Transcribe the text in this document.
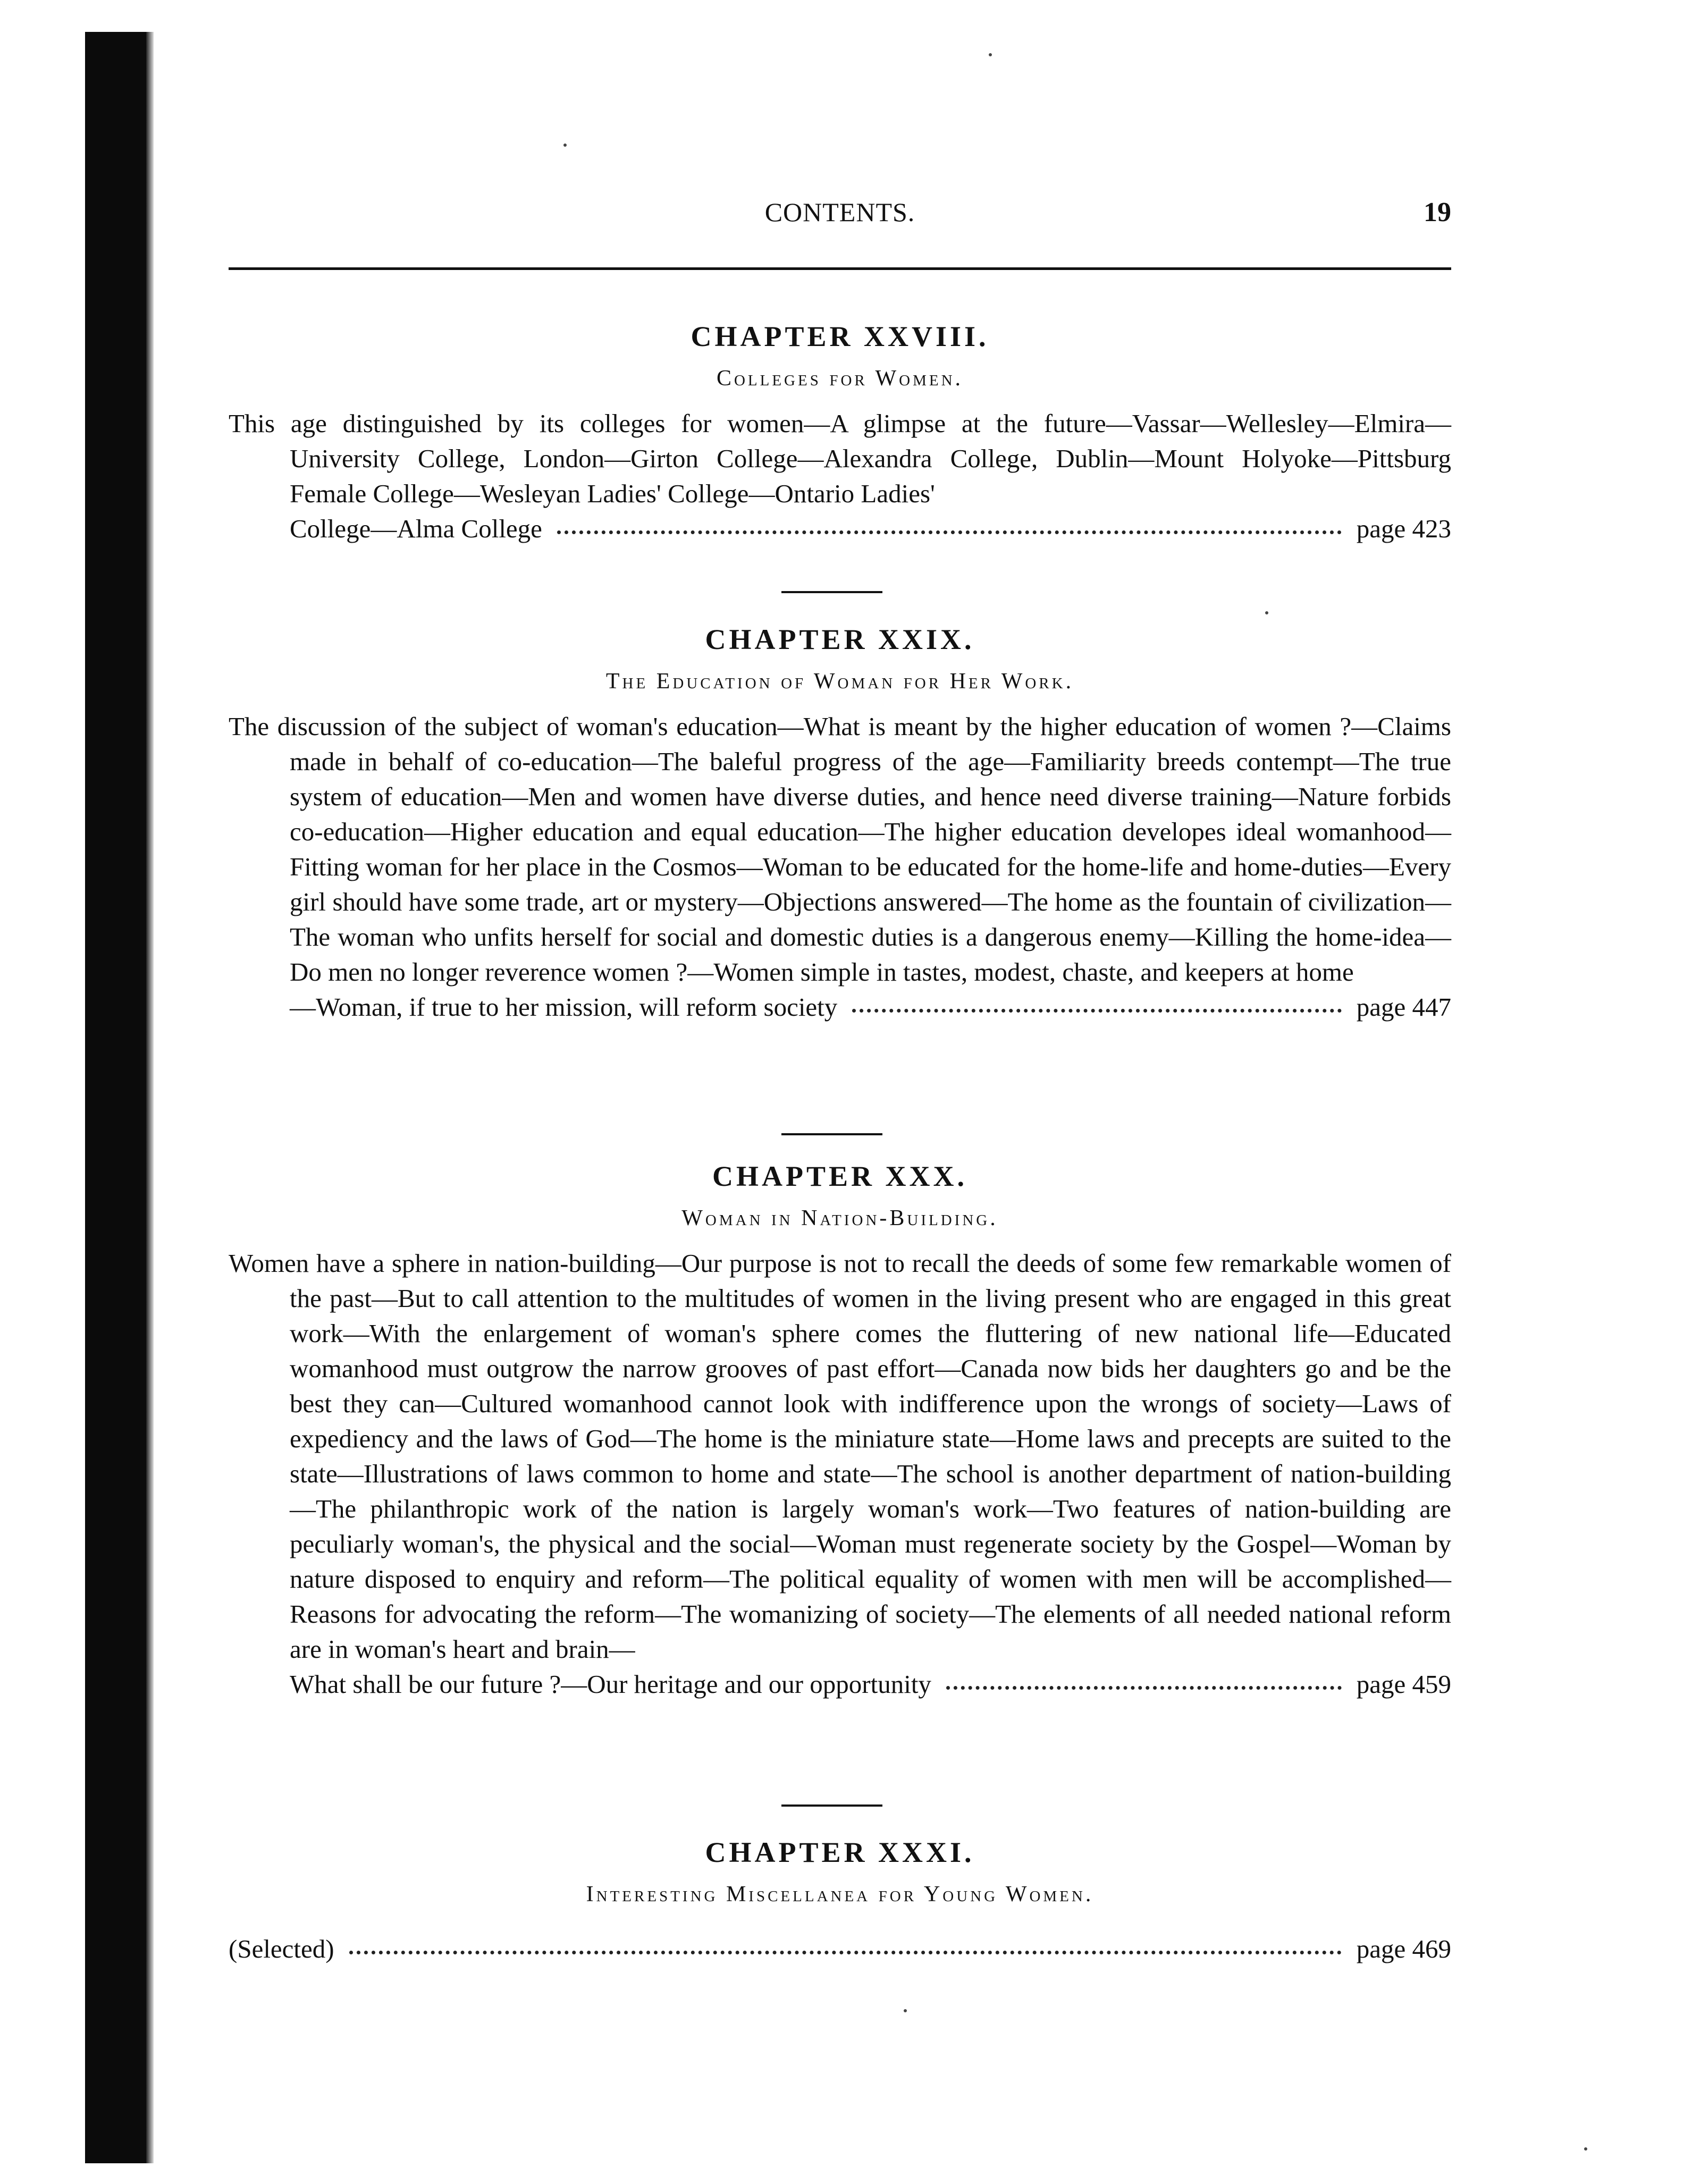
CONTENTS.	19
CHAPTER XXVIII.
Colleges for Women.
This age distinguished by its colleges for women—A glimpse at the future—Vassar—Wellesley—Elmira—University College, London—Girton College—Alexandra College, Dublin—Mount Holyoke—Pittsburg Female College—Wesleyan Ladies' College—Ontario Ladies'
College—Alma College	page 423
CHAPTER XXIX.
The Education of Woman for Her Work.
The discussion of the subject of woman's education—What is meant by the higher education of women ?—Claims made in behalf of co-education—The baleful progress of the age—Familiarity breeds contempt—The true system of education—Men and women have diverse duties, and hence need diverse training—Nature forbids co-education—Higher education and equal education—The higher education developes ideal womanhood—Fitting woman for her place in the Cosmos—Woman to be educated for the home-life and home-duties—Every girl should have some trade, art or mystery—Objections answered—The home as the fountain of civilization—The woman who unfits herself for social and domestic duties is a dangerous enemy—Killing the home-idea—Do men no longer reverence women ?—Women simple in tastes, modest, chaste, and keepers at home
—Woman, if true to her mission, will reform society	page 447
CHAPTER XXX.
Woman in Nation-Building.
Women have a sphere in nation-building—Our purpose is not to recall the deeds of some few remarkable women of the past—But to call attention to the multitudes of women in the living present who are engaged in this great work—With the enlargement of woman's sphere comes the fluttering of new national life—Educated womanhood must outgrow the narrow grooves of past effort—Canada now bids her daughters go and be the best they can—Cultured womanhood cannot look with indifference upon the wrongs of society—Laws of expediency and the laws of God—The home is the miniature state—Home laws and precepts are suited to the state—Illustrations of laws common to home and state—The school is another department of nation-building—The philanthropic work of the nation is largely woman's work—Two features of nation-building are peculiarly woman's, the physical and the social—Woman must regenerate society by the Gospel—Woman by nature disposed to enquiry and reform—The political equality of women with men will be accomplished—Reasons for advocating the reform—The womanizing of society—The elements of all needed national reform are in woman's heart and brain—
What shall be our future ?—Our heritage and our opportunity	page 459
CHAPTER XXXI.
Interesting Miscellanea for Young Women.
(Selected)	page 469
